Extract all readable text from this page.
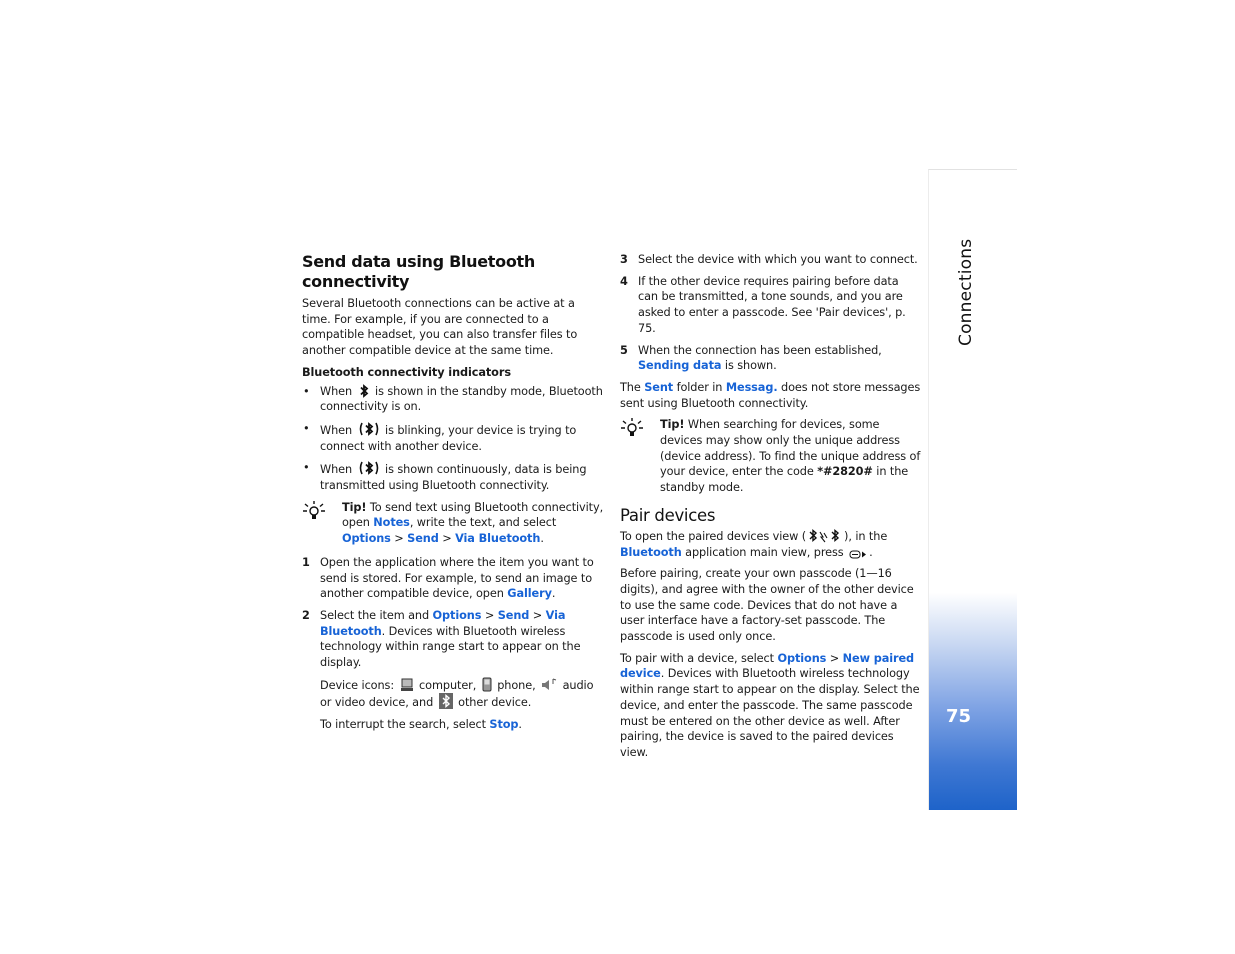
Connections
75
Send data using Bluetooth connectivity

Several Bluetooth connections can be active at a time. For example, if you are connected to a compatible headset, you can also transfer files to another compatible device at the same time.

Bluetooth connectivity indicators
• When is shown in the standby mode, Bluetooth connectivity is on.
• When	is blinking, your device is trying to connect with another device.
• When	is shown continuously, data is being transmitted using Bluetooth connectivity.
Tip! To send text using Bluetooth connectivity, open Notes, write the text, and select Options > Send > Via Bluetooth.
1 Open the application where the item you want to send is stored. For example, to send an image to another compatible device, open Gallery.
2 Select the item and Options > Send > Via Bluetooth. Devices with Bluetooth wireless technology within range start to appear on the display.
Device icons: computer, phone, audio or video device, and other device.
To interrupt the search, select Stop.
3 Select the device with which you want to connect.
4 If the other device requires pairing before data can be transmitted, a tone sounds, and you are asked to enter a passcode. See 'Pair devices', p. 75.
5 When the connection has been established, Sending data is shown.

The Sent folder in Messag. does not store messages sent using Bluetooth connectivity.

Tip! When searching for devices, some devices may show only the unique address (device address). To find the unique address of your device, enter the code *#2820# in the standby mode.
Pair devices

To open the paired devices view (	), in the Bluetooth application main view, press .

Before pairing, create your own passcode (1—16 digits), and agree with the owner of the other device to use the same code. Devices that do not have a user interface have a factory-set passcode. The passcode is used only once.

To pair with a device, select Options > New paired device. Devices with Bluetooth wireless technology within range start to appear on the display. Select the device, and enter the passcode. The same passcode must be entered on the other device as well. After pairing, the device is saved to the paired devices view.
